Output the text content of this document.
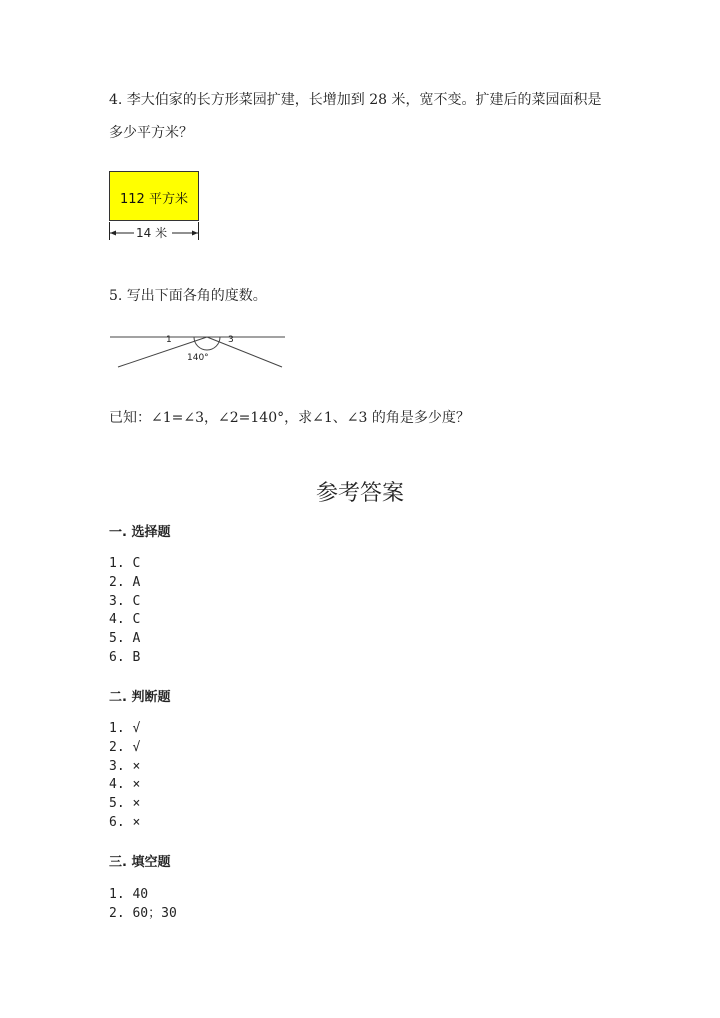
4. 李大伯家的长方形菜园扩建，长增加到 28 米，宽不变。扩建后的菜园面积是
多少平方米？
112 平方米
14 米
5. 写出下面各角的度数。
1	3
140°
已知：∠1=∠3，∠2=140°，求∠1、∠3 的角是多少度？
参考答案
一. 选择题
1. C
2. A
3. C
4. C
5. A
6. B
二. 判断题
1. √
2. √
3. ×
4. ×
5. ×
6. ×
三. 填空题
1. 40
2. 60；30
